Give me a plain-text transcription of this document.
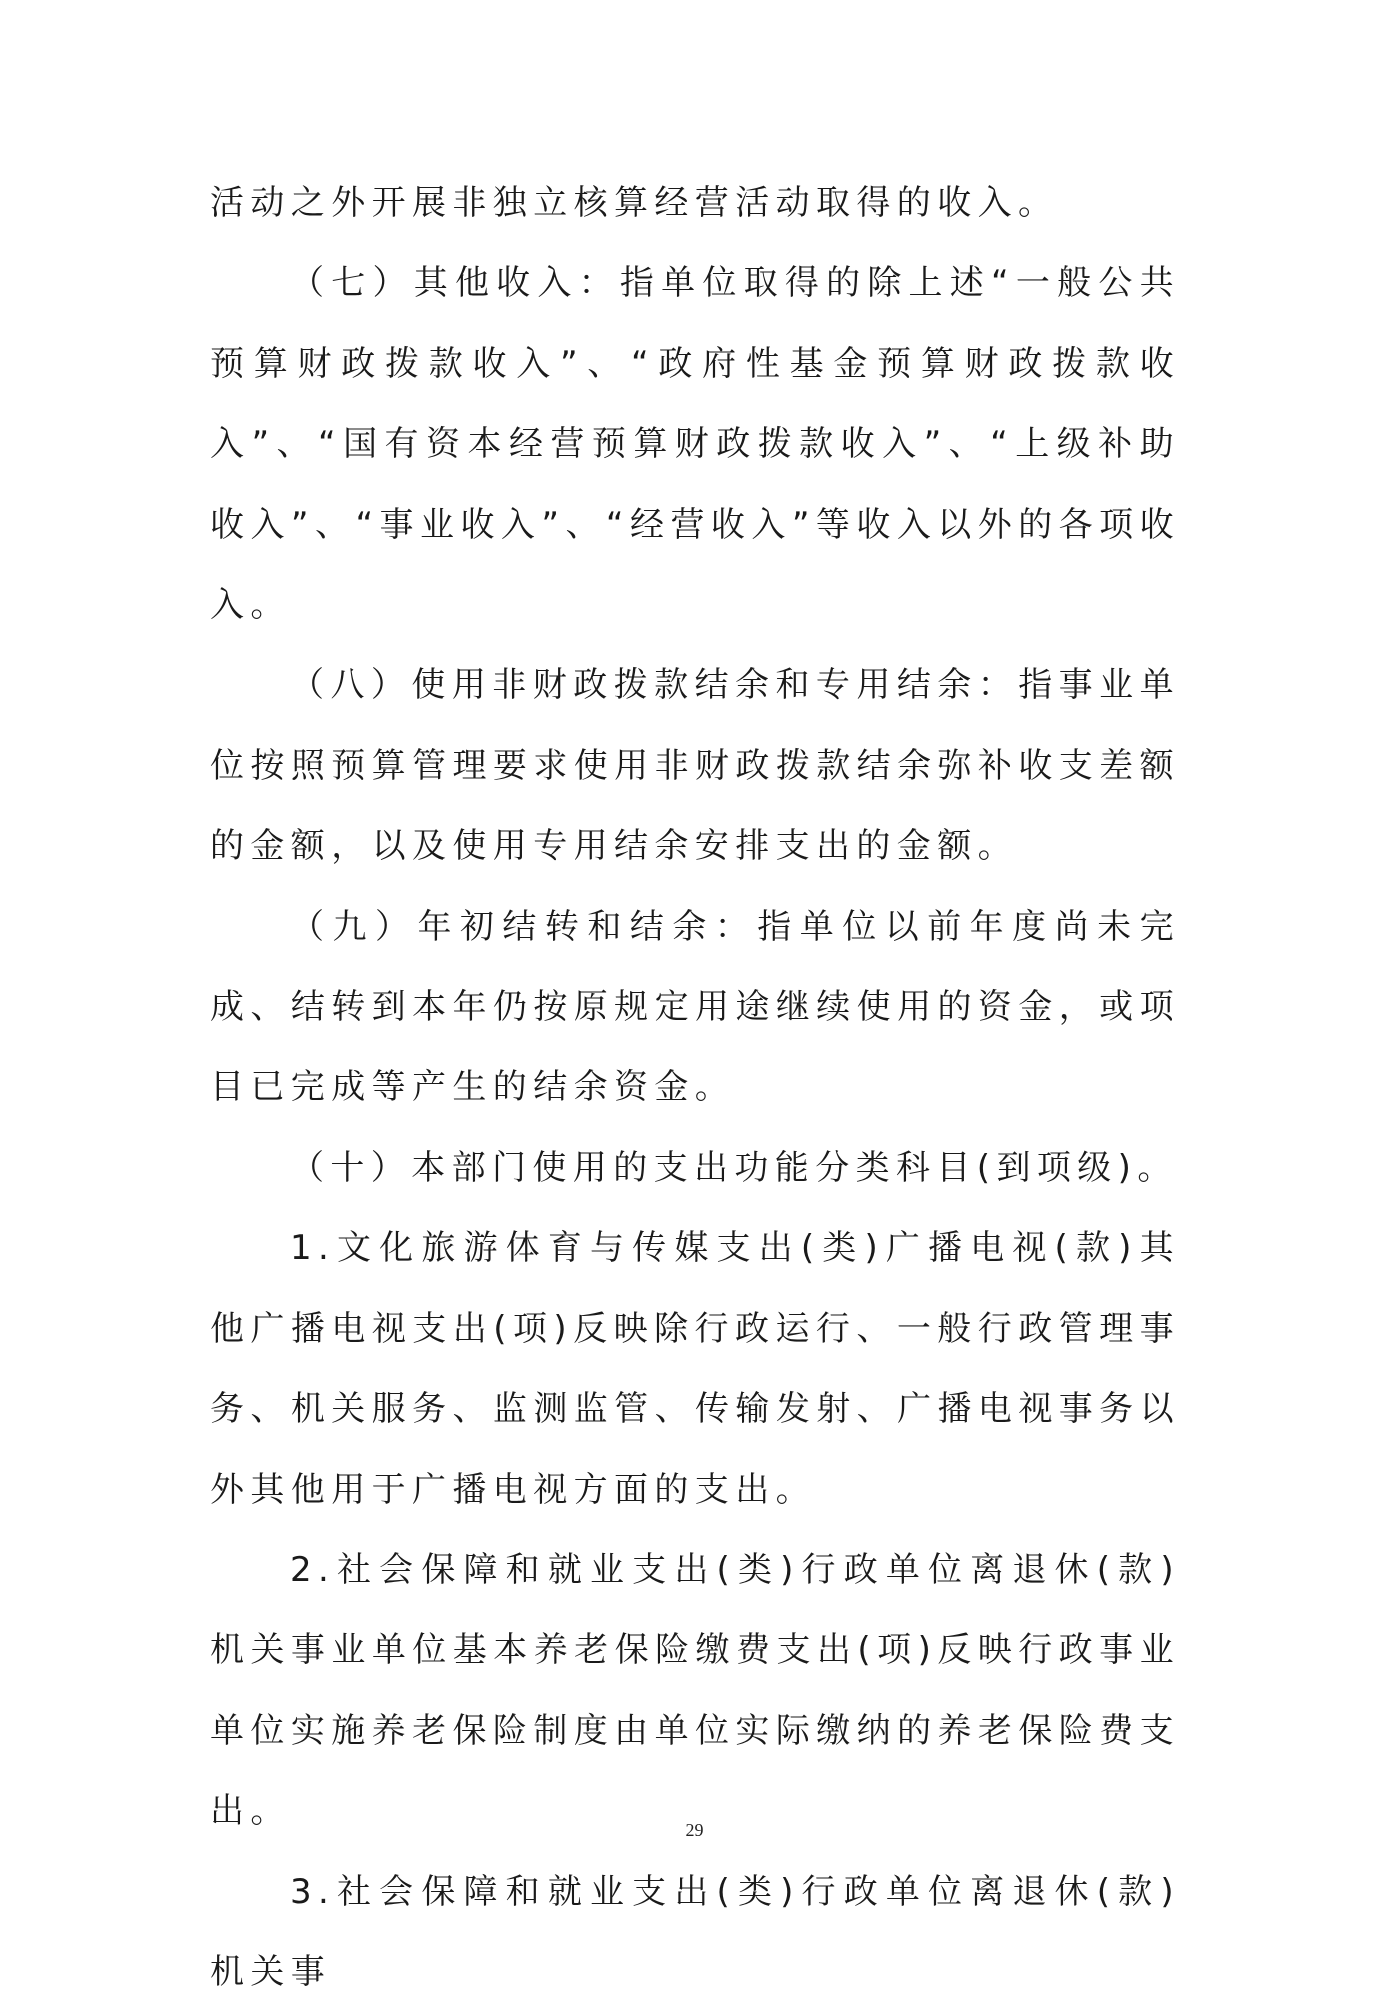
活动之外开展非独立核算经营活动取得的收入。

（七）其他收入：指单位取得的除上述“一般公共预算财政拨款收入”、“政府性基金预算财政拨款收入”、“国有资本经营预算财政拨款收入”、“上级补助收入”、“事业收入”、“经营收入”等收入以外的各项收入。

（八）使用非财政拨款结余和专用结余：指事业单位按照预算管理要求使用非财政拨款结余弥补收支差额的金额，以及使用专用结余安排支出的金额。

（九）年初结转和结余：指单位以前年度尚未完成、结转到本年仍按原规定用途继续使用的资金，或项目已完成等产生的结余资金。

（十）本部门使用的支出功能分类科目(到项级)。

1.文化旅游体育与传媒支出(类)广播电视(款)其他广播电视支出(项)反映除行政运行、一般行政管理事务、机关服务、监测监管、传输发射、广播电视事务以外其他用于广播电视方面的支出。

2.社会保障和就业支出(类)行政单位离退休(款)机关事业单位基本养老保险缴费支出(项)反映行政事业单位实施养老保险制度由单位实际缴纳的养老保险费支出。

3.社会保障和就业支出(类)行政单位离退休(款)机关事

29
